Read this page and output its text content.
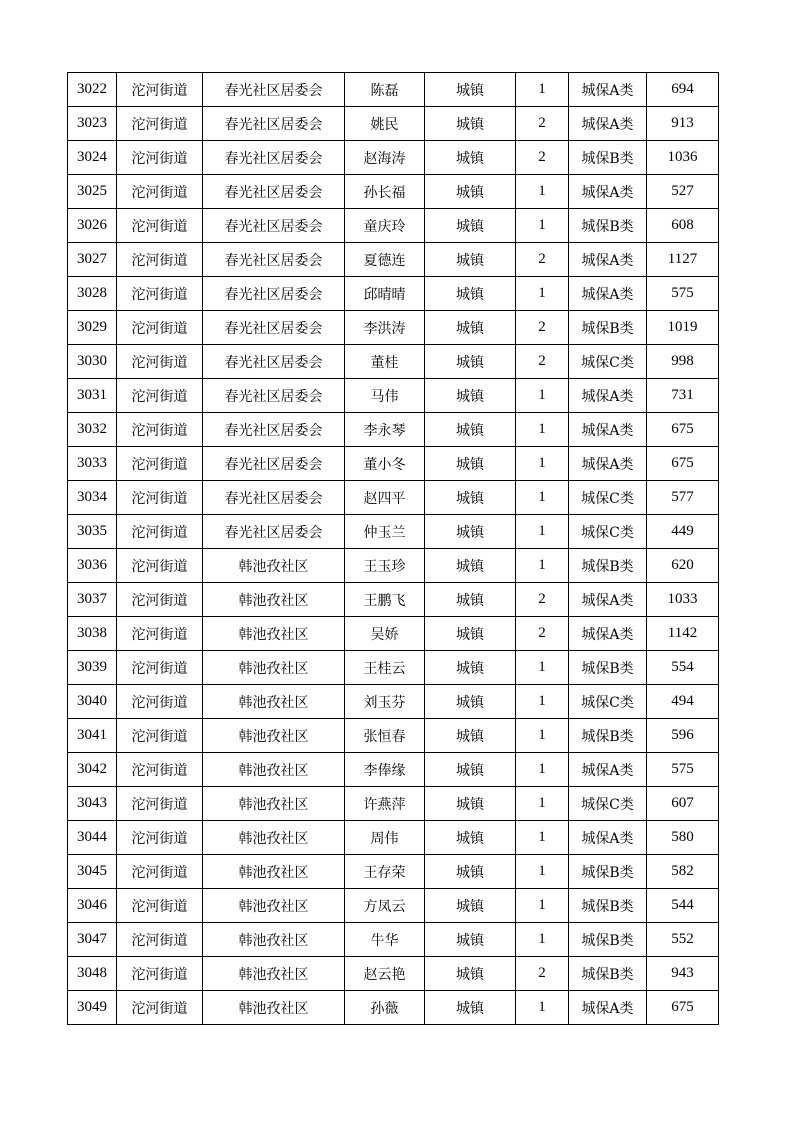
3022	沱河街道	春光社区居委会	陈磊	城镇	1	城保A类	694
3023	沱河街道	春光社区居委会	姚民	城镇	2	城保A类	913
3024	沱河街道	春光社区居委会	赵海涛	城镇	2	城保B类	1036
3025	沱河街道	春光社区居委会	孙长福	城镇	1	城保A类	527
3026	沱河街道	春光社区居委会	童庆玲	城镇	1	城保B类	608
3027	沱河街道	春光社区居委会	夏德连	城镇	2	城保A类	1127
3028	沱河街道	春光社区居委会	邱晴晴	城镇	1	城保A类	575
3029	沱河街道	春光社区居委会	李洪涛	城镇	2	城保B类	1019
3030	沱河街道	春光社区居委会	董桂	城镇	2	城保C类	998
3031	沱河街道	春光社区居委会	马伟	城镇	1	城保A类	731
3032	沱河街道	春光社区居委会	李永琴	城镇	1	城保A类	675
3033	沱河街道	春光社区居委会	董小冬	城镇	1	城保A类	675
3034	沱河街道	春光社区居委会	赵四平	城镇	1	城保C类	577
3035	沱河街道	春光社区居委会	仲玉兰	城镇	1	城保C类	449
3036	沱河街道	韩池孜社区	王玉珍	城镇	1	城保B类	620
3037	沱河街道	韩池孜社区	王鹏飞	城镇	2	城保A类	1033
3038	沱河街道	韩池孜社区	吴娇	城镇	2	城保A类	1142
3039	沱河街道	韩池孜社区	王桂云	城镇	1	城保B类	554
3040	沱河街道	韩池孜社区	刘玉芬	城镇	1	城保C类	494
3041	沱河街道	韩池孜社区	张恒春	城镇	1	城保B类	596
3042	沱河街道	韩池孜社区	李俸缘	城镇	1	城保A类	575
3043	沱河街道	韩池孜社区	许燕萍	城镇	1	城保C类	607
3044	沱河街道	韩池孜社区	周伟	城镇	1	城保A类	580
3045	沱河街道	韩池孜社区	王存荣	城镇	1	城保B类	582
3046	沱河街道	韩池孜社区	方凤云	城镇	1	城保B类	544
3047	沱河街道	韩池孜社区	牛华	城镇	1	城保B类	552
3048	沱河街道	韩池孜社区	赵云艳	城镇	2	城保B类	943
3049	沱河街道	韩池孜社区	孙薇	城镇	1	城保A类	675
